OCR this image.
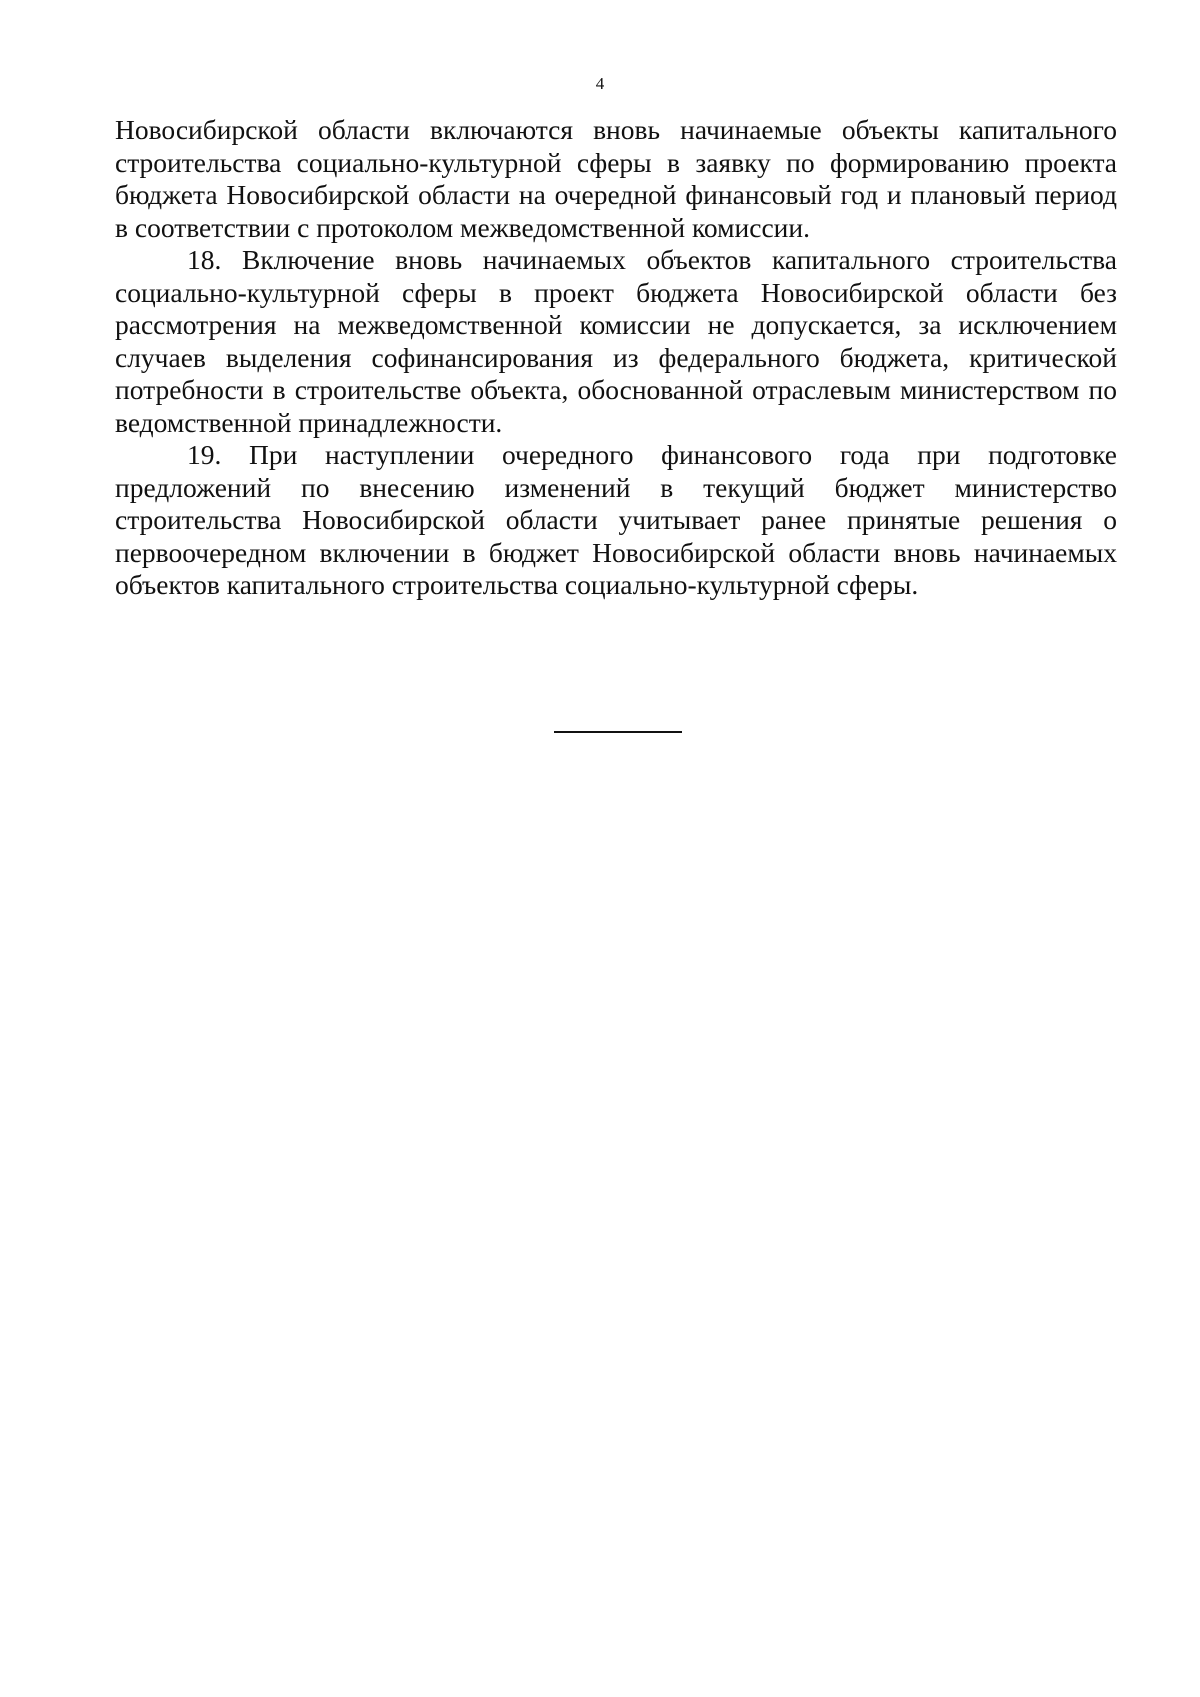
4

Новосибирской области включаются вновь начинаемые объекты капитального строительства социально-культурной сферы в заявку по формированию проекта бюджета Новосибирской области на очередной финансовый год и плановый период в соответствии с протоколом межведомственной комиссии.

18. Включение вновь начинаемых объектов капитального строительства социально-культурной сферы в проект бюджета Новосибирской области без рассмотрения на межведомственной комиссии не допускается, за исключением случаев выделения софинансирования из федерального бюджета, критической потребности в строительстве объекта, обоснованной отраслевым министерством по ведомственной принадлежности.

19. При наступлении очередного финансового года при подготовке предложений по внесению изменений в текущий бюджет министерство строительства Новосибирской области учитывает ранее принятые решения о первоочередном включении в бюджет Новосибирской области вновь начинаемых объектов капитального строительства социально-культурной сферы.
